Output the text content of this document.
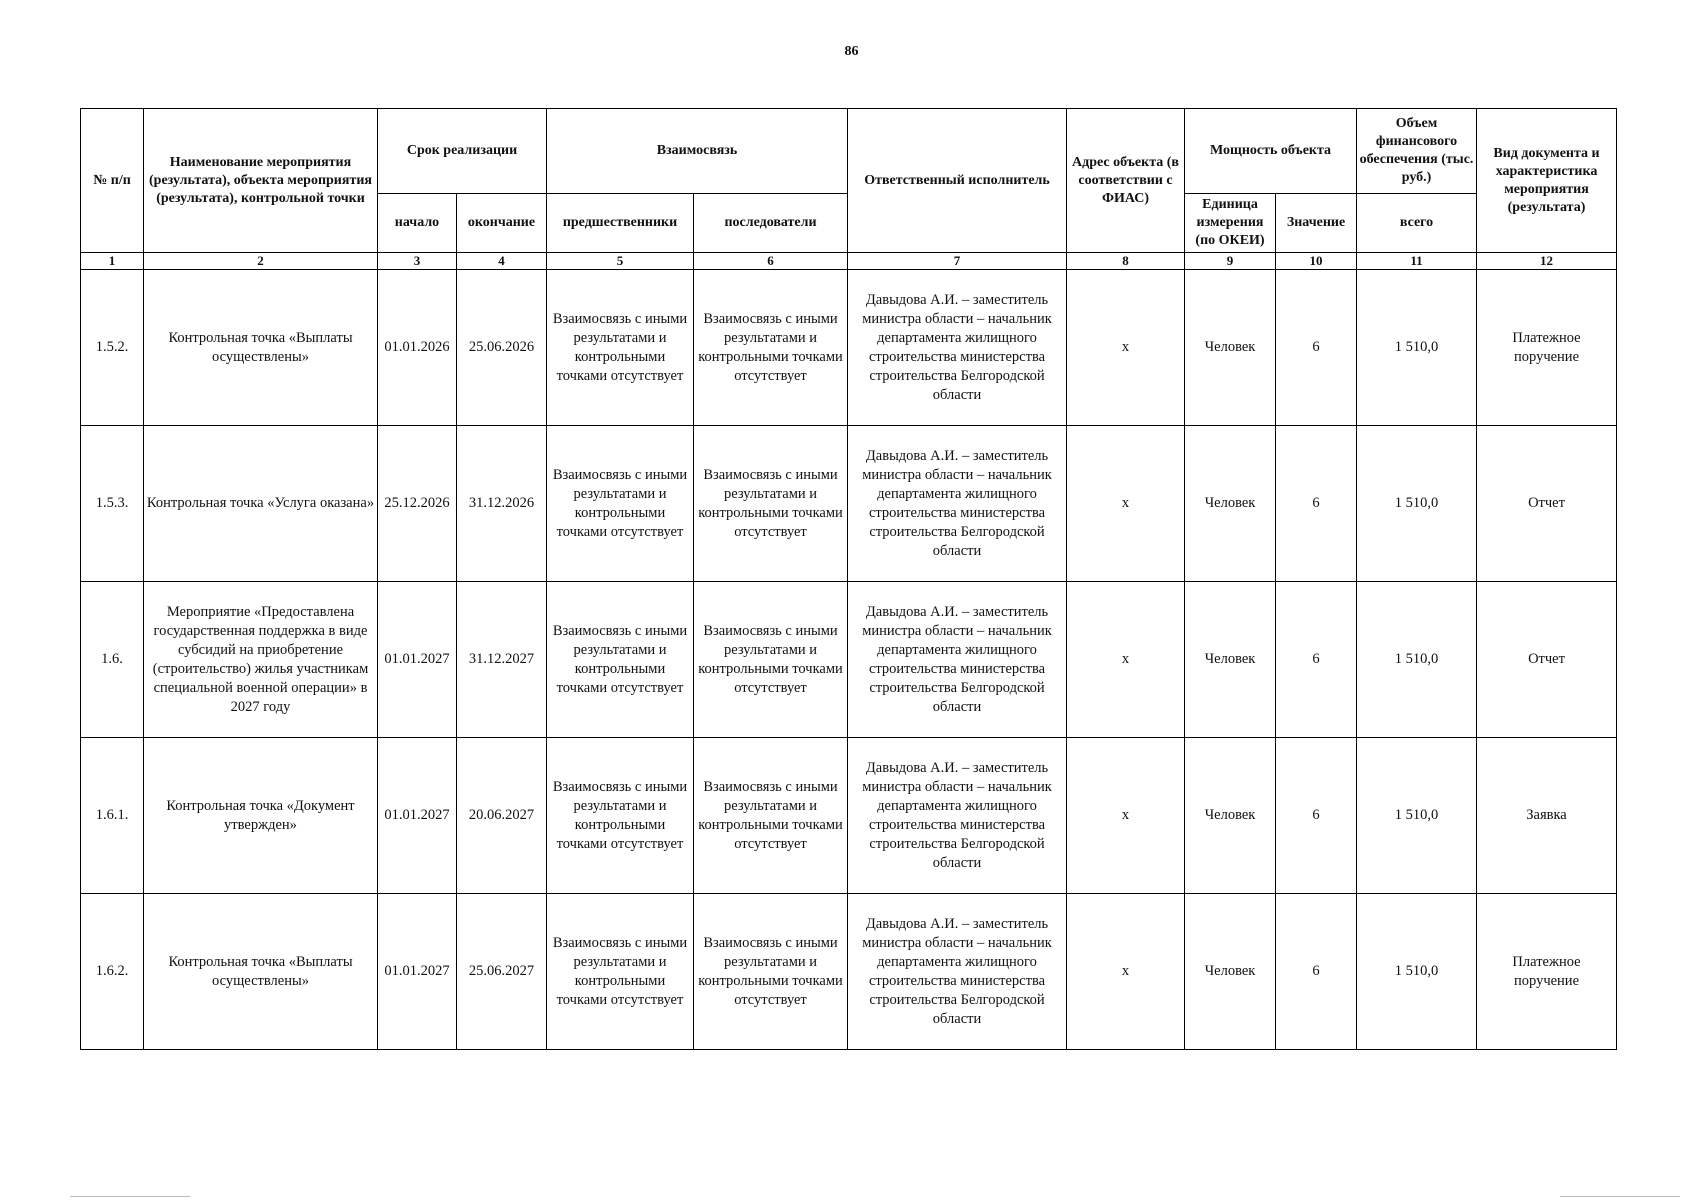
86
№ п/п	Наименование мероприятия (результата), объекта мероприятия (результата), контрольной точки	Срок реализации		Взаимосвязь		Ответственный исполнитель	Адрес объекта (в соответствии с ФИАС)	Мощность объекта		Объем финансового обеспечения (тыс. руб.)	Вид документа и характеристика мероприятия (результата)
		начало	окончание	предшественники	последователи			Единица измерения (по ОКЕИ)	Значение	всего	
1	2	3	4	5	6	7	8	9	10	11	12
1.5.2.	Контрольная точка «Выплаты осуществлены»	01.01.2026	25.06.2026	Взаимосвязь с иными результатами и контрольными точками отсутствует	Взаимосвязь с иными результатами и контрольными точками отсутствует	Давыдова А.И. – заместитель министра области – начальник департамента жилищного строительства министерства строительства Белгородской области	x	Человек	6	1 510,0	Платежное поручение
1.5.3.	Контрольная точка «Услуга оказана»	25.12.2026	31.12.2026	Взаимосвязь с иными результатами и контрольными точками отсутствует	Взаимосвязь с иными результатами и контрольными точками отсутствует	Давыдова А.И. – заместитель министра области – начальник департамента жилищного строительства министерства строительства Белгородской области	x	Человек	6	1 510,0	Отчет
1.6.	Мероприятие «Предоставлена государственная поддержка в виде субсидий на приобретение (строительство) жилья участникам специальной военной операции» в 2027 году	01.01.2027	31.12.2027	Взаимосвязь с иными результатами и контрольными точками отсутствует	Взаимосвязь с иными результатами и контрольными точками отсутствует	Давыдова А.И. – заместитель министра области – начальник департамента жилищного строительства министерства строительства Белгородской области	x	Человек	6	1 510,0	Отчет
1.6.1.	Контрольная точка «Документ утвержден»	01.01.2027	20.06.2027	Взаимосвязь с иными результатами и контрольными точками отсутствует	Взаимосвязь с иными результатами и контрольными точками отсутствует	Давыдова А.И. – заместитель министра области – начальник департамента жилищного строительства министерства строительства Белгородской области	x	Человек	6	1 510,0	Заявка
1.6.2.	Контрольная точка «Выплаты осуществлены»	01.01.2027	25.06.2027	Взаимосвязь с иными результатами и контрольными точками отсутствует	Взаимосвязь с иными результатами и контрольными точками отсутствует	Давыдова А.И. – заместитель министра области – начальник департамента жилищного строительства министерства строительства Белгородской области	x	Человек	6	1 510,0	Платежное поручение
